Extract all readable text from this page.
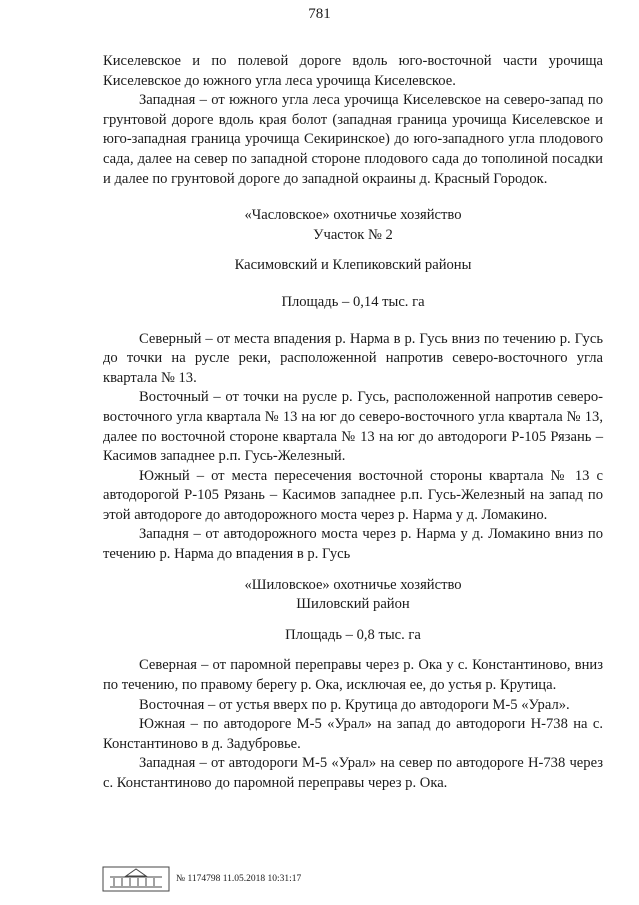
781

Киселевское и по полевой дороге вдоль юго-восточной части урочища Киселевское до южного угла леса урочища Киселевское.

Западная – от южного угла леса урочища Киселевское на северо-запад по грунтовой дороге вдоль края болот (западная граница урочища Киселевское и юго-западная граница урочища Секиринское) до юго-западного угла плодового сада, далее на север по западной стороне плодового сада до тополиной посадки и далее по грунтовой дороге до западной окраины д. Красный Городок.

«Часловское» охотничье хозяйство

Участок № 2

Касимовский и Клепиковский районы

Площадь – 0,14 тыс. га

Северный – от места впадения р. Нарма в р. Гусь вниз по течению р. Гусь до точки на русле реки, расположенной напротив северо-восточного угла квартала № 13.

Восточный – от точки на русле р. Гусь, расположенной напротив северо-восточного угла квартала № 13 на юг до северо-восточного угла квартала № 13, далее по восточной стороне квартала № 13 на юг до автодороги Р-105 Рязань – Касимов западнее р.п. Гусь-Железный.

Южный – от места пересечения восточной стороны квартала № 13 с автодорогой Р-105 Рязань – Касимов западнее р.п. Гусь-Железный на запад по этой автодороге до автодорожного моста через р. Нарма у д. Ломакино.

Западня – от автодорожного моста через р. Нарма у д. Ломакино вниз по течению р. Нарма до впадения в р. Гусь

«Шиловское» охотничье хозяйство

Шиловский район

Площадь – 0,8 тыс. га

Северная – от паромной переправы через р. Ока у с. Константиново, вниз по течению, по правому берегу р. Ока, исключая ее, до устья р. Крутица.

Восточная – от устья вверх по р. Крутица до автодороги М-5 «Урал».

Южная – по автодороге М-5 «Урал» на запад до автодороги Н-738 на с. Константиново в д. Задубровье.

Западная – от автодороги М-5 «Урал» на север по автодороге Н-738 через с. Константиново до паромной переправы через р. Ока.

№ 1174798 11.05.2018 10:31:17
